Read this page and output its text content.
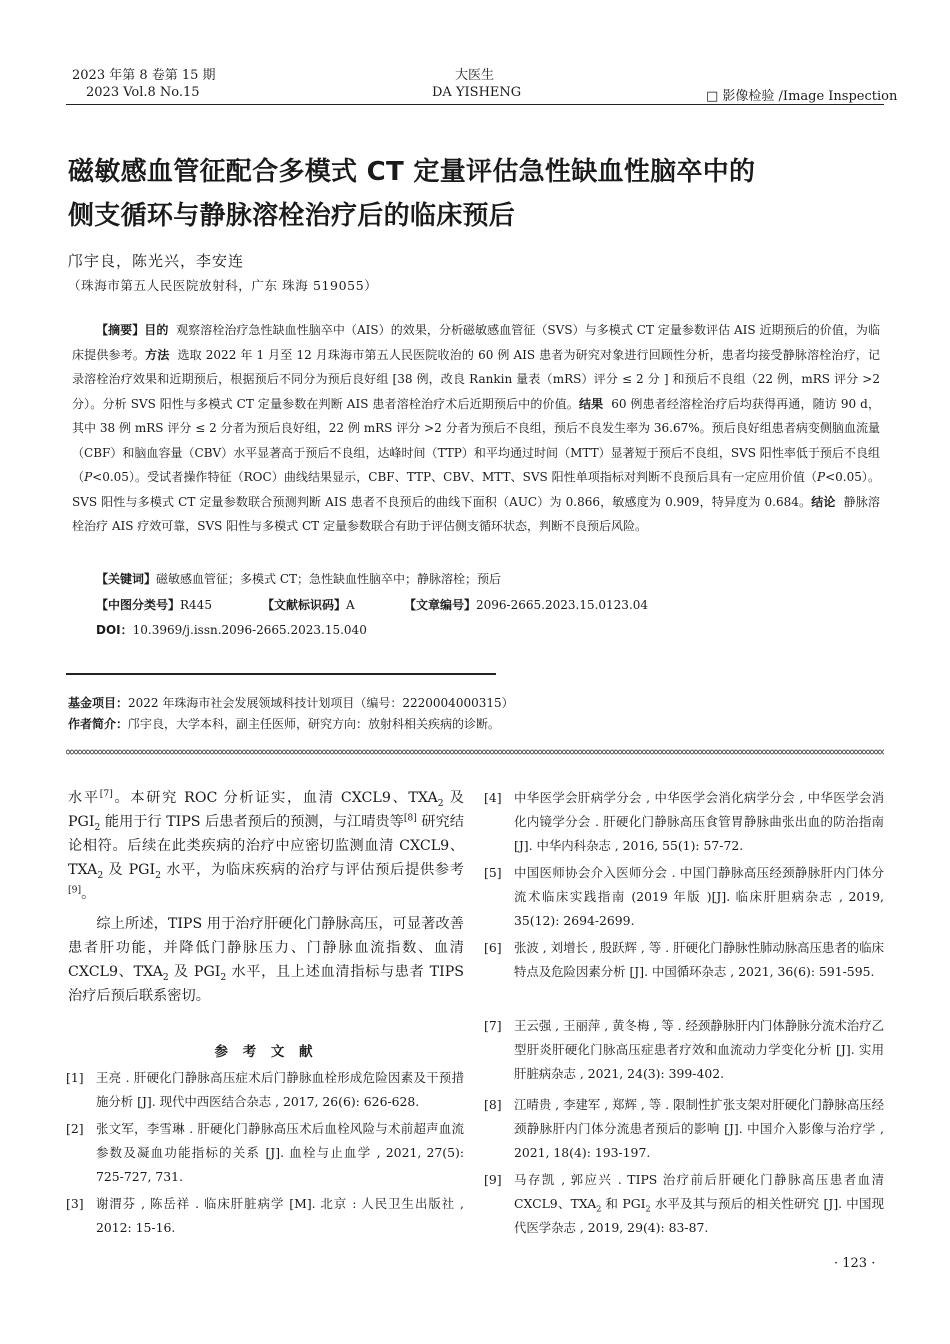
2023 年第 8 卷第 15 期
2023 Vol.8 No.15
大医生
DA YISHENG	□ 影像检验 /Image Inspection
磁敏感血管征配合多模式 CT 定量评估急性缺血性脑卒中的
侧支循环与静脉溶栓治疗后的临床预后
邝宇良，陈光兴，李安连
（珠海市第五人民医院放射科，广东 珠海 519055）
【摘要】目的 观察溶栓治疗急性缺血性脑卒中（AIS）的效果，分析磁敏感血管征（SVS）与多模式 CT 定量参数评估 AIS 近期预后的价值，为临床提供参考。方法 选取 2022 年 1 月至 12 月珠海市第五人民医院收治的 60 例 AIS 患者为研究对象进行回顾性分析，患者均接受静脉溶栓治疗，记录溶栓治疗效果和近期预后，根据预后不同分为预后良好组 [38 例，改良 Rankin 量表（mRS）评分 ≤ 2 分 ] 和预后不良组（22 例，mRS 评分 >2 分）。分析 SVS 阳性与多模式 CT 定量参数在判断 AIS 患者溶栓治疗术后近期预后中的价值。结果 60 例患者经溶栓治疗后均获得再通，随访 90 d，其中 38 例 mRS 评分 ≤ 2 分者为预后良好组，22 例 mRS 评分 >2 分者为预后不良组，预后不良发生率为 36.67%。预后良好组患者病变侧脑血流量（CBF）和脑血容量（CBV）水平显著高于预后不良组，达峰时间（TTP）和平均通过时间（MTT）显著短于预后不良组，SVS 阳性率低于预后不良组（P<0.05）。受试者操作特征（ROC）曲线结果显示，CBF、TTP、CBV、MTT、SVS 阳性单项指标对判断不良预后具有一定应用价值（P<0.05）。SVS 阳性与多模式 CT 定量参数联合预测判断 AIS 患者不良预后的曲线下面积（AUC）为 0.866，敏感度为 0.909，特异度为 0.684。结论 静脉溶栓治疗 AIS 疗效可靠，SVS 阳性与多模式 CT 定量参数联合有助于评估侧支循环状态，判断不良预后风险。
【关键词】磁敏感血管征；多模式 CT；急性缺血性脑卒中；静脉溶栓；预后
【中图分类号】R445	【文献标识码】A	【文章编号】2096-2665.2023.15.0123.04
DOI：10.3969/j.issn.2096-2665.2023.15.040
基金项目：2022 年珠海市社会发展领域科技计划项目（编号：2220004000315）
作者简介：邝宇良，大学本科，副主任医师，研究方向：放射科相关疾病的诊断。

水平[7]。本研究 ROC 分析证实，血清 CXCL9、$TXA_2$ 及 $PGI_2$ 能用于行 TIPS 后患者预后的预测，与江晴贵等[8] 研究结论相符。后续在此类疾病的治疗中应密切监测血清 CXCL9、$TXA_2$ 及 $PGI_2$ 水平，为临床疾病的治疗与评估预后提供参考[9]。

综上所述，TIPS 用于治疗肝硬化门静脉高压，可显著改善患者肝功能，并降低门静脉压力、门静脉血流指数、血清 CXCL9、$TXA_2$ 及 $PGI_2$ 水平，且上述血清指标与患者 TIPS 治疗后预后联系密切。

参 考 文 献
[1] 王亮 . 肝硬化门静脉高压症术后门静脉血栓形成危险因素及干预措施分析 [J]. 现代中西医结合杂志 , 2017, 26(6): 626-628.
[2] 张文军，李雪琳 . 肝硬化门静脉高压术后血栓风险与术前超声血流参数及凝血功能指标的关系 [J]. 血栓与止血学 , 2021, 27(5): 725-727, 731.
[3] 谢渭芬 , 陈岳祥 . 临床肝脏病学 [M]. 北京 : 人民卫生出版社 , 2012: 15-16.
[4] 中华医学会肝病学分会 , 中华医学会消化病学分会 , 中华医学会消化内镜学分会 . 肝硬化门静脉高压食管胃静脉曲张出血的防治指南 [J]. 中华内科杂志 , 2016, 55(1): 57-72.
[5] 中国医师协会介入医师分会 . 中国门静脉高压经颈静脉肝内门体分流术临床实践指南 (2019 年版 )[J]. 临床肝胆病杂志 , 2019, 35(12): 2694-2699.
[6] 张波 , 刘增长 , 殷跃辉 , 等 . 肝硬化门静脉性肺动脉高压患者的临床特点及危险因素分析 [J]. 中国循环杂志 , 2021, 36(6): 591-595.
[7] 王云强 , 王丽萍 , 黄冬梅 , 等 . 经颈静脉肝内门体静脉分流术治疗乙型肝炎肝硬化门脉高压症患者疗效和血流动力学变化分析 [J]. 实用肝脏病杂志 , 2021, 24(3): 399-402.
[8] 江晴贵 , 李建军 , 郑辉 , 等 . 限制性扩张支架对肝硬化门静脉高压经颈静脉肝内门体分流患者预后的影响 [J]. 中国介入影像与治疗学 , 2021, 18(4): 193-197.
[9] 马存凯 , 郭应兴 . TIPS 治疗前后肝硬化门静脉高压患者血清 CXCL9、$TXA_2$ 和 $PGI_2$ 水平及其与预后的相关性研究 [J]. 中国现代医学杂志 , 2019, 29(4): 83-87.
· 123 ·
